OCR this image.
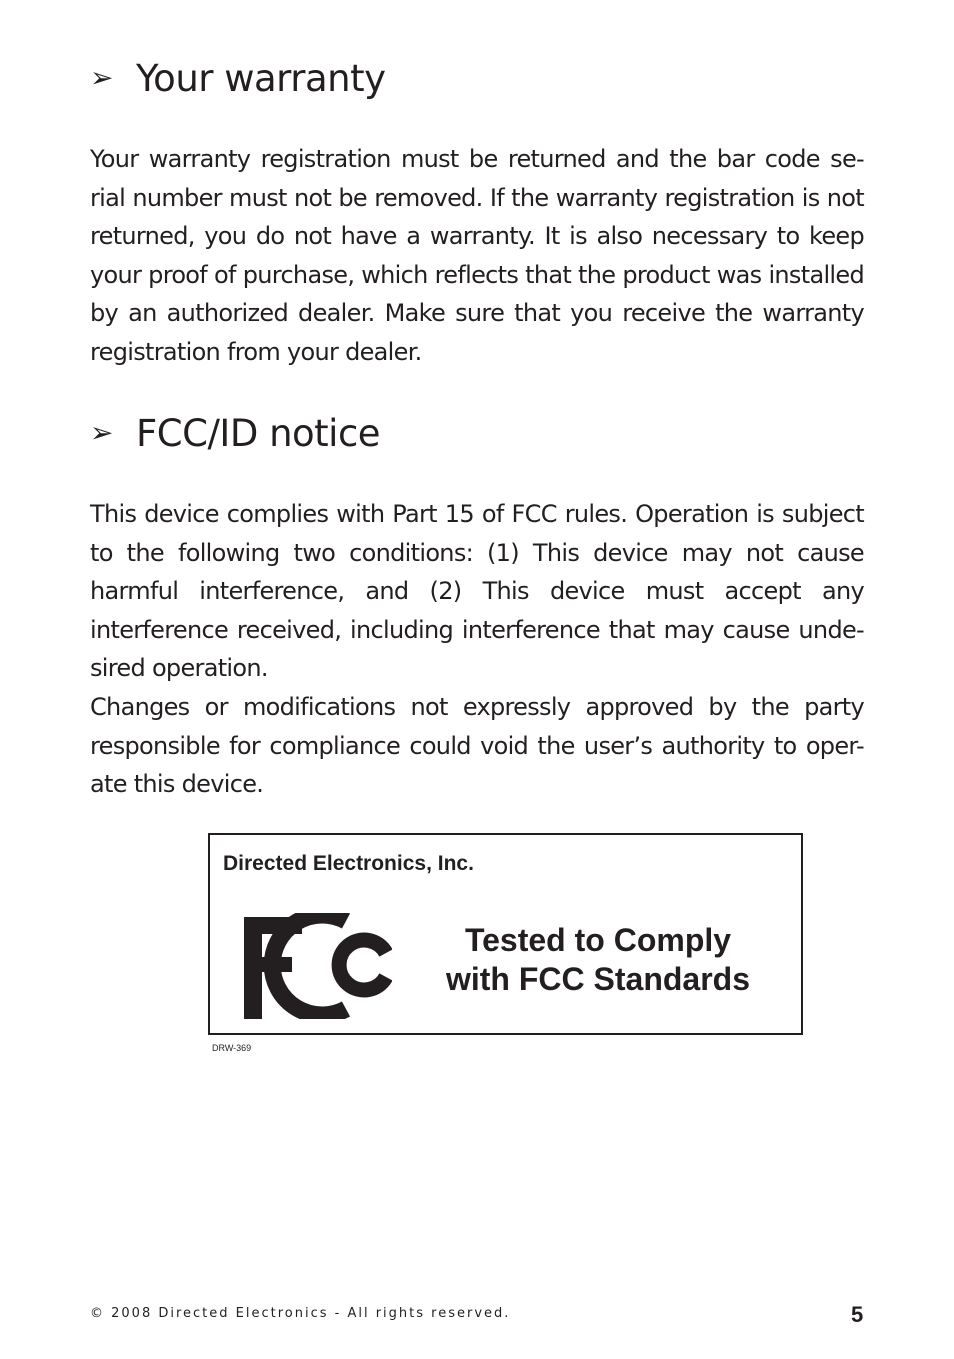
➢ Your warranty

Your warranty registration must be returned and the bar code se-rial number must not be removed. If the warranty registration is not returned, you do not have a warranty. It is also necessary to keep your proof of purchase, which reflects that the product was installed by an authorized dealer. Make sure that you receive the warranty registration from your dealer.

➢ FCC/ID notice

This device complies with Part 15 of FCC rules. Operation is subject to the following two conditions: (1) This device may not cause harmful interference, and (2) This device must accept any interference received, including interference that may cause unde-sired operation.

Changes or modifications not expressly approved by the party responsible for compliance could void the user’s authority to oper-ate this device.

Directed Electronics, Inc.

Tested to Comply
with FCC Standards

DRW-369

© 2008 Directed Electronics - All rights reserved.	5
